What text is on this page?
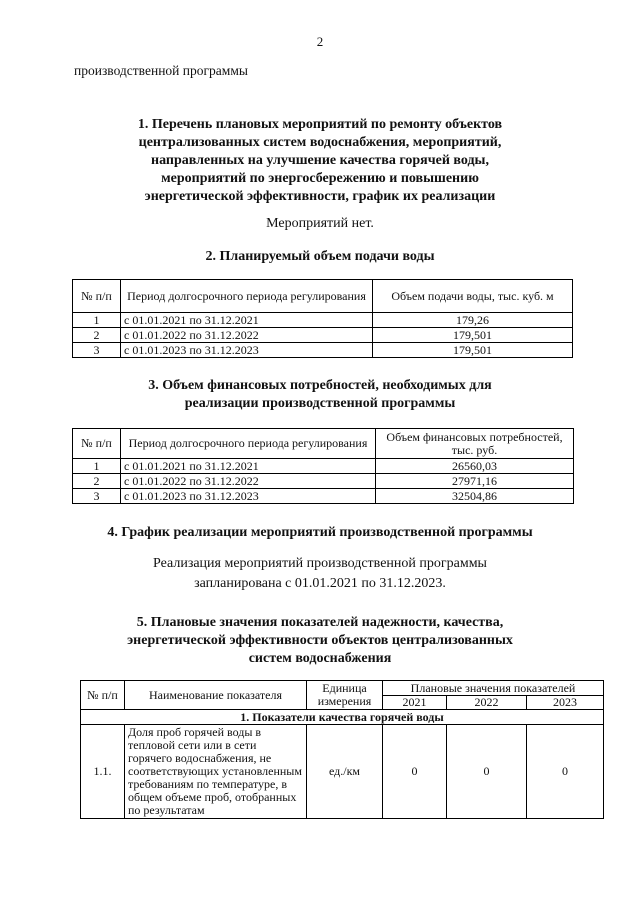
2
производственной программы
1. Перечень плановых мероприятий по ремонту объектов
централизованных систем водоснабжения, мероприятий,
направленных на улучшение качества горячей воды,
мероприятий по энергосбережению и повышению
энергетической эффективности, график их реализации
Мероприятий нет.
2. Планируемый объем подачи воды
№ п/п	Период долгосрочного периода регулирования	Объем подачи воды, тыс. куб. м
1	с 01.01.2021 по 31.12.2021	179,26
2	с 01.01.2022 по 31.12.2022	179,501
3	с 01.01.2023 по 31.12.2023	179,501
3. Объем финансовых потребностей, необходимых для
реализации производственной программы
№ п/п	Период долгосрочного периода регулирования	Объем финансовых потребностей, тыс. руб.
1	с 01.01.2021 по 31.12.2021	26560,03
2	с 01.01.2022 по 31.12.2022	27971,16
3	с 01.01.2023 по 31.12.2023	32504,86
4. График реализации мероприятий производственной программы
Реализация мероприятий производственной программы
запланирована с 01.01.2021 по 31.12.2023.
5. Плановые значения показателей надежности, качества,
энергетической эффективности объектов централизованных
систем водоснабжения
№ п/п	Наименование показателя	Единица измерения	Плановые значения показателей		
			2021	2022	2023
1. Показатели качества горячей воды					
1.1.	Доля проб горячей воды в тепловой сети или в сети горячего водоснабжения, не соответствующих установленным требованиям по температуре, в общем объеме проб, отобранных по результатам	ед./км	0	0	0
